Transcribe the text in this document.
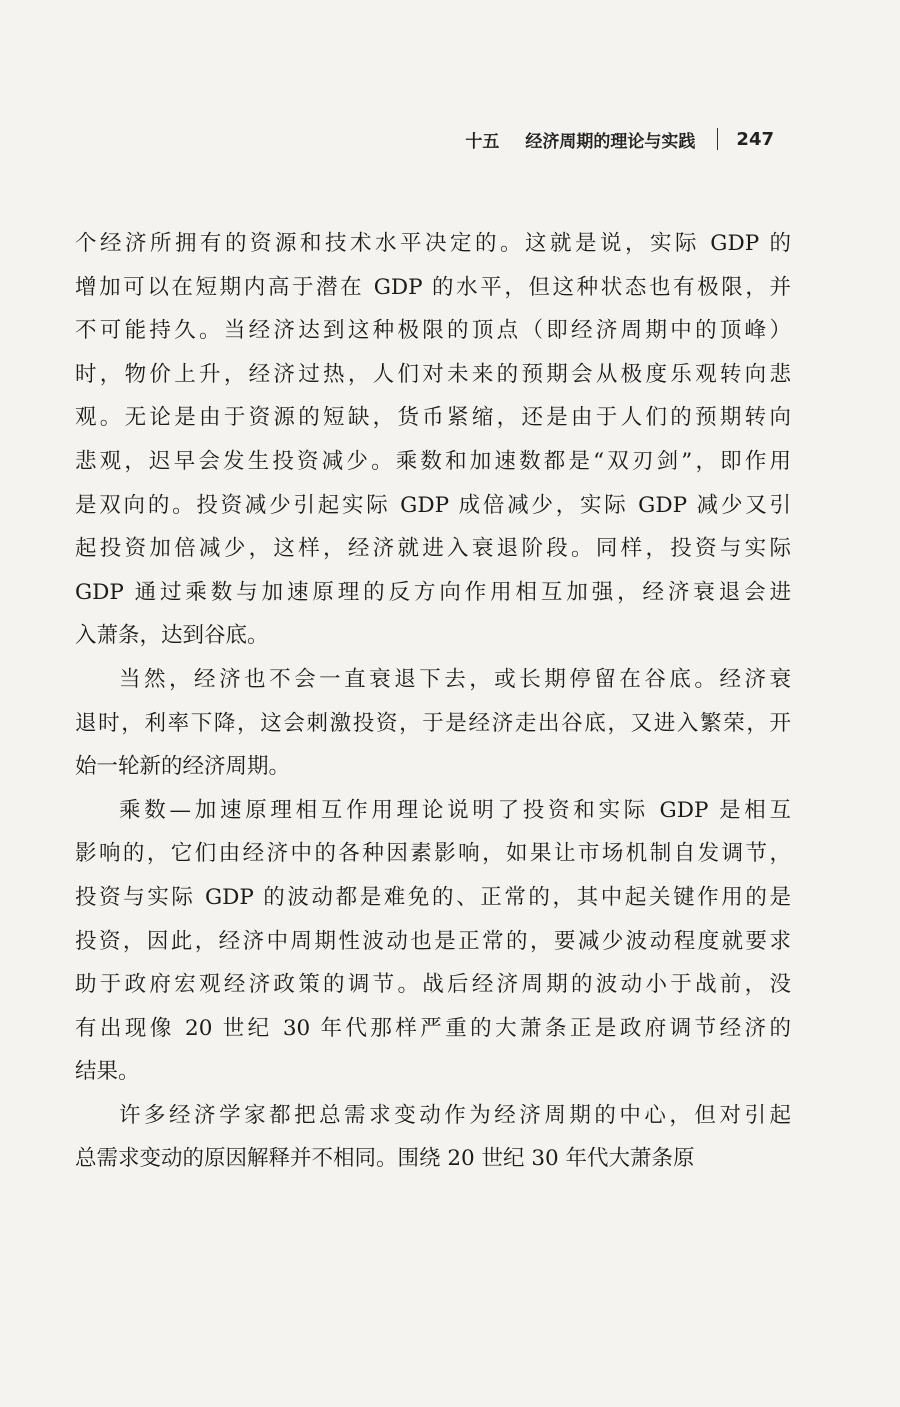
十五 经济周期的理论与实践 247
个经济所拥有的资源和技术水平决定的。这就是说，实际 GDP 的
增加可以在短期内高于潜在 GDP 的水平，但这种状态也有极限，并
不可能持久。当经济达到这种极限的顶点（即经济周期中的顶峰）
时，物价上升，经济过热，人们对未来的预期会从极度乐观转向悲
观。无论是由于资源的短缺，货币紧缩，还是由于人们的预期转向
悲观，迟早会发生投资减少。乘数和加速数都是“双刃剑”，即作用
是双向的。投资减少引起实际 GDP 成倍减少，实际 GDP 减少又引
起投资加倍减少，这样，经济就进入衰退阶段。同样，投资与实际
GDP 通过乘数与加速原理的反方向作用相互加强，经济衰退会进
入萧条，达到谷底。
当然，经济也不会一直衰退下去，或长期停留在谷底。经济衰
退时，利率下降，这会刺激投资，于是经济走出谷底，又进入繁荣，开
始一轮新的经济周期。
乘数—加速原理相互作用理论说明了投资和实际 GDP 是相互
影响的，它们由经济中的各种因素影响，如果让市场机制自发调节，
投资与实际 GDP 的波动都是难免的、正常的，其中起关键作用的是
投资，因此，经济中周期性波动也是正常的，要减少波动程度就要求
助于政府宏观经济政策的调节。战后经济周期的波动小于战前，没
有出现像 20 世纪 30 年代那样严重的大萧条正是政府调节经济的
结果。
许多经济学家都把总需求变动作为经济周期的中心，但对引起
总需求变动的原因解释并不相同。围绕 20 世纪 30 年代大萧条原
